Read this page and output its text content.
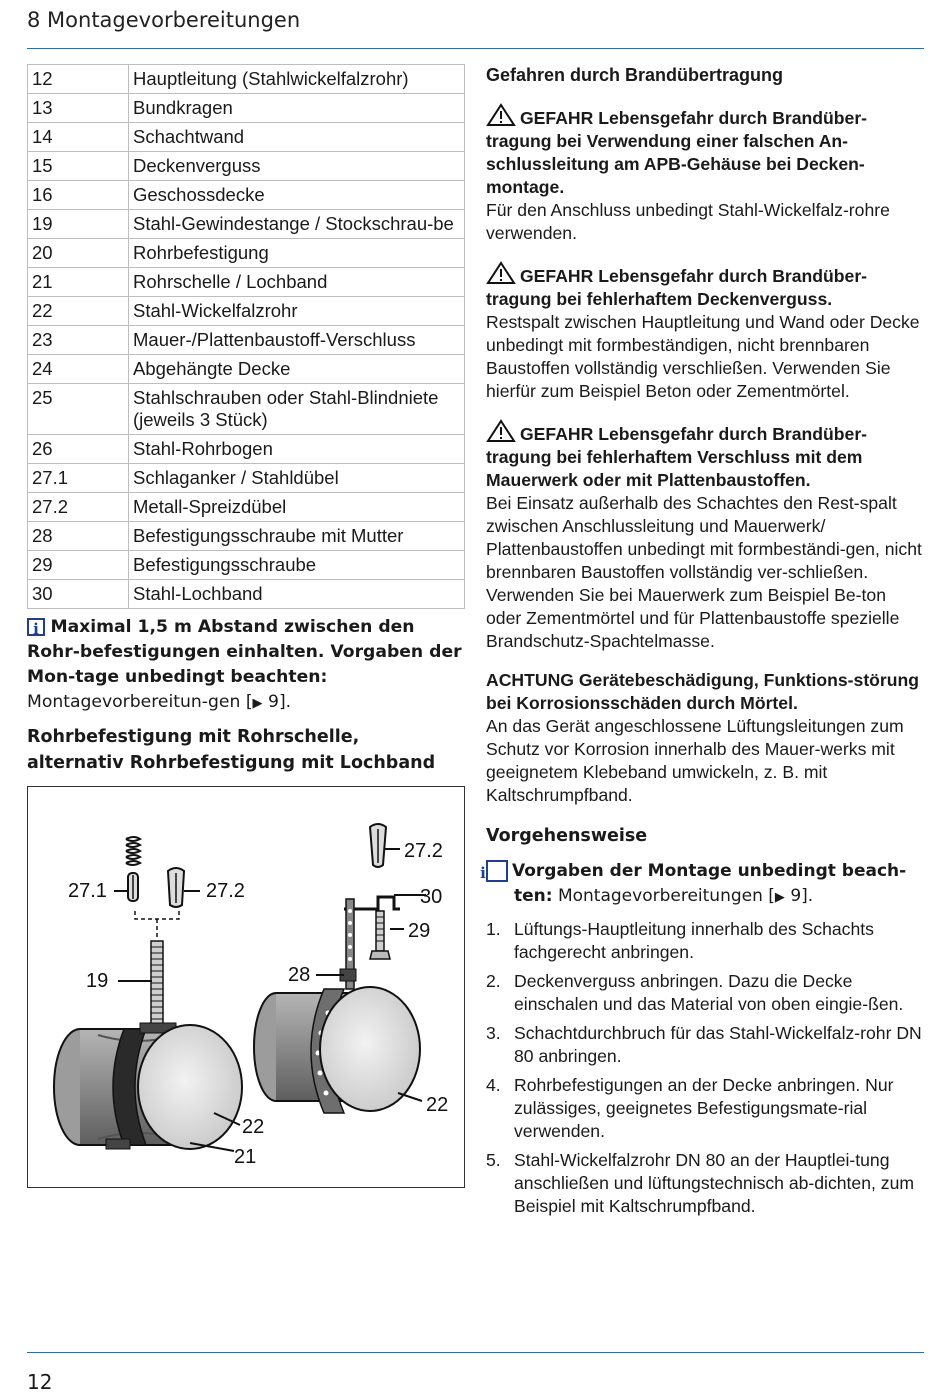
8 Montagevorbereitungen
12	Hauptleitung (Stahlwickelfalzrohr)
13	Bundkragen
14	Schachtwand
15	Deckenverguss
16	Geschossdecke
19	Stahl-Gewindestange / Stockschrau-be
20	Rohrbefestigung
21	Rohrschelle / Lochband
22	Stahl-Wickelfalzrohr
23	Mauer-/Plattenbaustoff-Verschluss
24	Abgehängte Decke
25	Stahlschrauben oder Stahl-Blindniete (jeweils 3 Stück)
26	Stahl-Rohrbogen
27.1	Schlaganker / Stahldübel
27.2	Metall-Spreizdübel
28	Befestigungsschraube mit Mutter
29	Befestigungsschraube
30	Stahl-Lochband
i Maximal 1,5 m Abstand zwischen den Rohr-befestigungen einhalten. Vorgaben der Mon-tage unbedingt beachten: Montagevorbereitun-gen [▶ 9].
Rohrbefestigung mit Rohrschelle,
alternativ Rohrbefestigung mit Lochband
27.1	27.2
19	28
27.2
30
29
22
21
22
Gefahren durch Brandübertragung
GEFAHR Lebensgefahr durch Brandüber-tragung bei Verwendung einer falschen An-schlussleitung am APB-Gehäuse bei Decken-montage.
Für den Anschluss unbedingt Stahl-Wickelfalz-rohre verwenden.
GEFAHR Lebensgefahr durch Brandüber-tragung bei fehlerhaftem Deckenverguss.
Restspalt zwischen Hauptleitung und Wand oder Decke unbedingt mit formbeständigen, nicht brennbaren Baustoffen vollständig verschließen. Verwenden Sie hierfür zum Beispiel Beton oder Zementmörtel.
GEFAHR Lebensgefahr durch Brandüber-tragung bei fehlerhaftem Verschluss mit dem Mauerwerk oder mit Plattenbaustoffen.
Bei Einsatz außerhalb des Schachtes den Rest-spalt zwischen Anschlussleitung und Mauerwerk/ Plattenbaustoffen unbedingt mit formbeständi-gen, nicht brennbaren Baustoffen vollständig ver-schließen.
Verwenden Sie bei Mauerwerk zum Beispiel Be-ton oder Zementmörtel und für Plattenbaustoffe spezielle Brandschutz-Spachtelmasse.
ACHTUNG Gerätebeschädigung, Funktions-störung bei Korrosionsschäden durch Mörtel.
An das Gerät angeschlossene Lüftungsleitungen zum Schutz vor Korrosion innerhalb des Mauer-werks mit geeignetem Klebeband umwickeln, z. B. mit Kaltschrumpfband.
Vorgehensweise
i Vorgaben der Montage unbedingt beach-ten: Montagevorbereitungen [▶ 9].
1. Lüftungs-Hauptleitung innerhalb des Schachts fachgerecht anbringen.
2. Deckenverguss anbringen. Dazu die Decke einschalen und das Material von oben eingie-ßen.
3. Schachtdurchbruch für das Stahl-Wickelfalz-rohr DN 80 anbringen.
4. Rohrbefestigungen an der Decke anbringen. Nur zulässiges, geeignetes Befestigungsmate-rial verwenden.
5. Stahl-Wickelfalzrohr DN 80 an der Hauptlei-tung anschließen und lüftungstechnisch ab-dichten, zum Beispiel mit Kaltschrumpfband.
12
